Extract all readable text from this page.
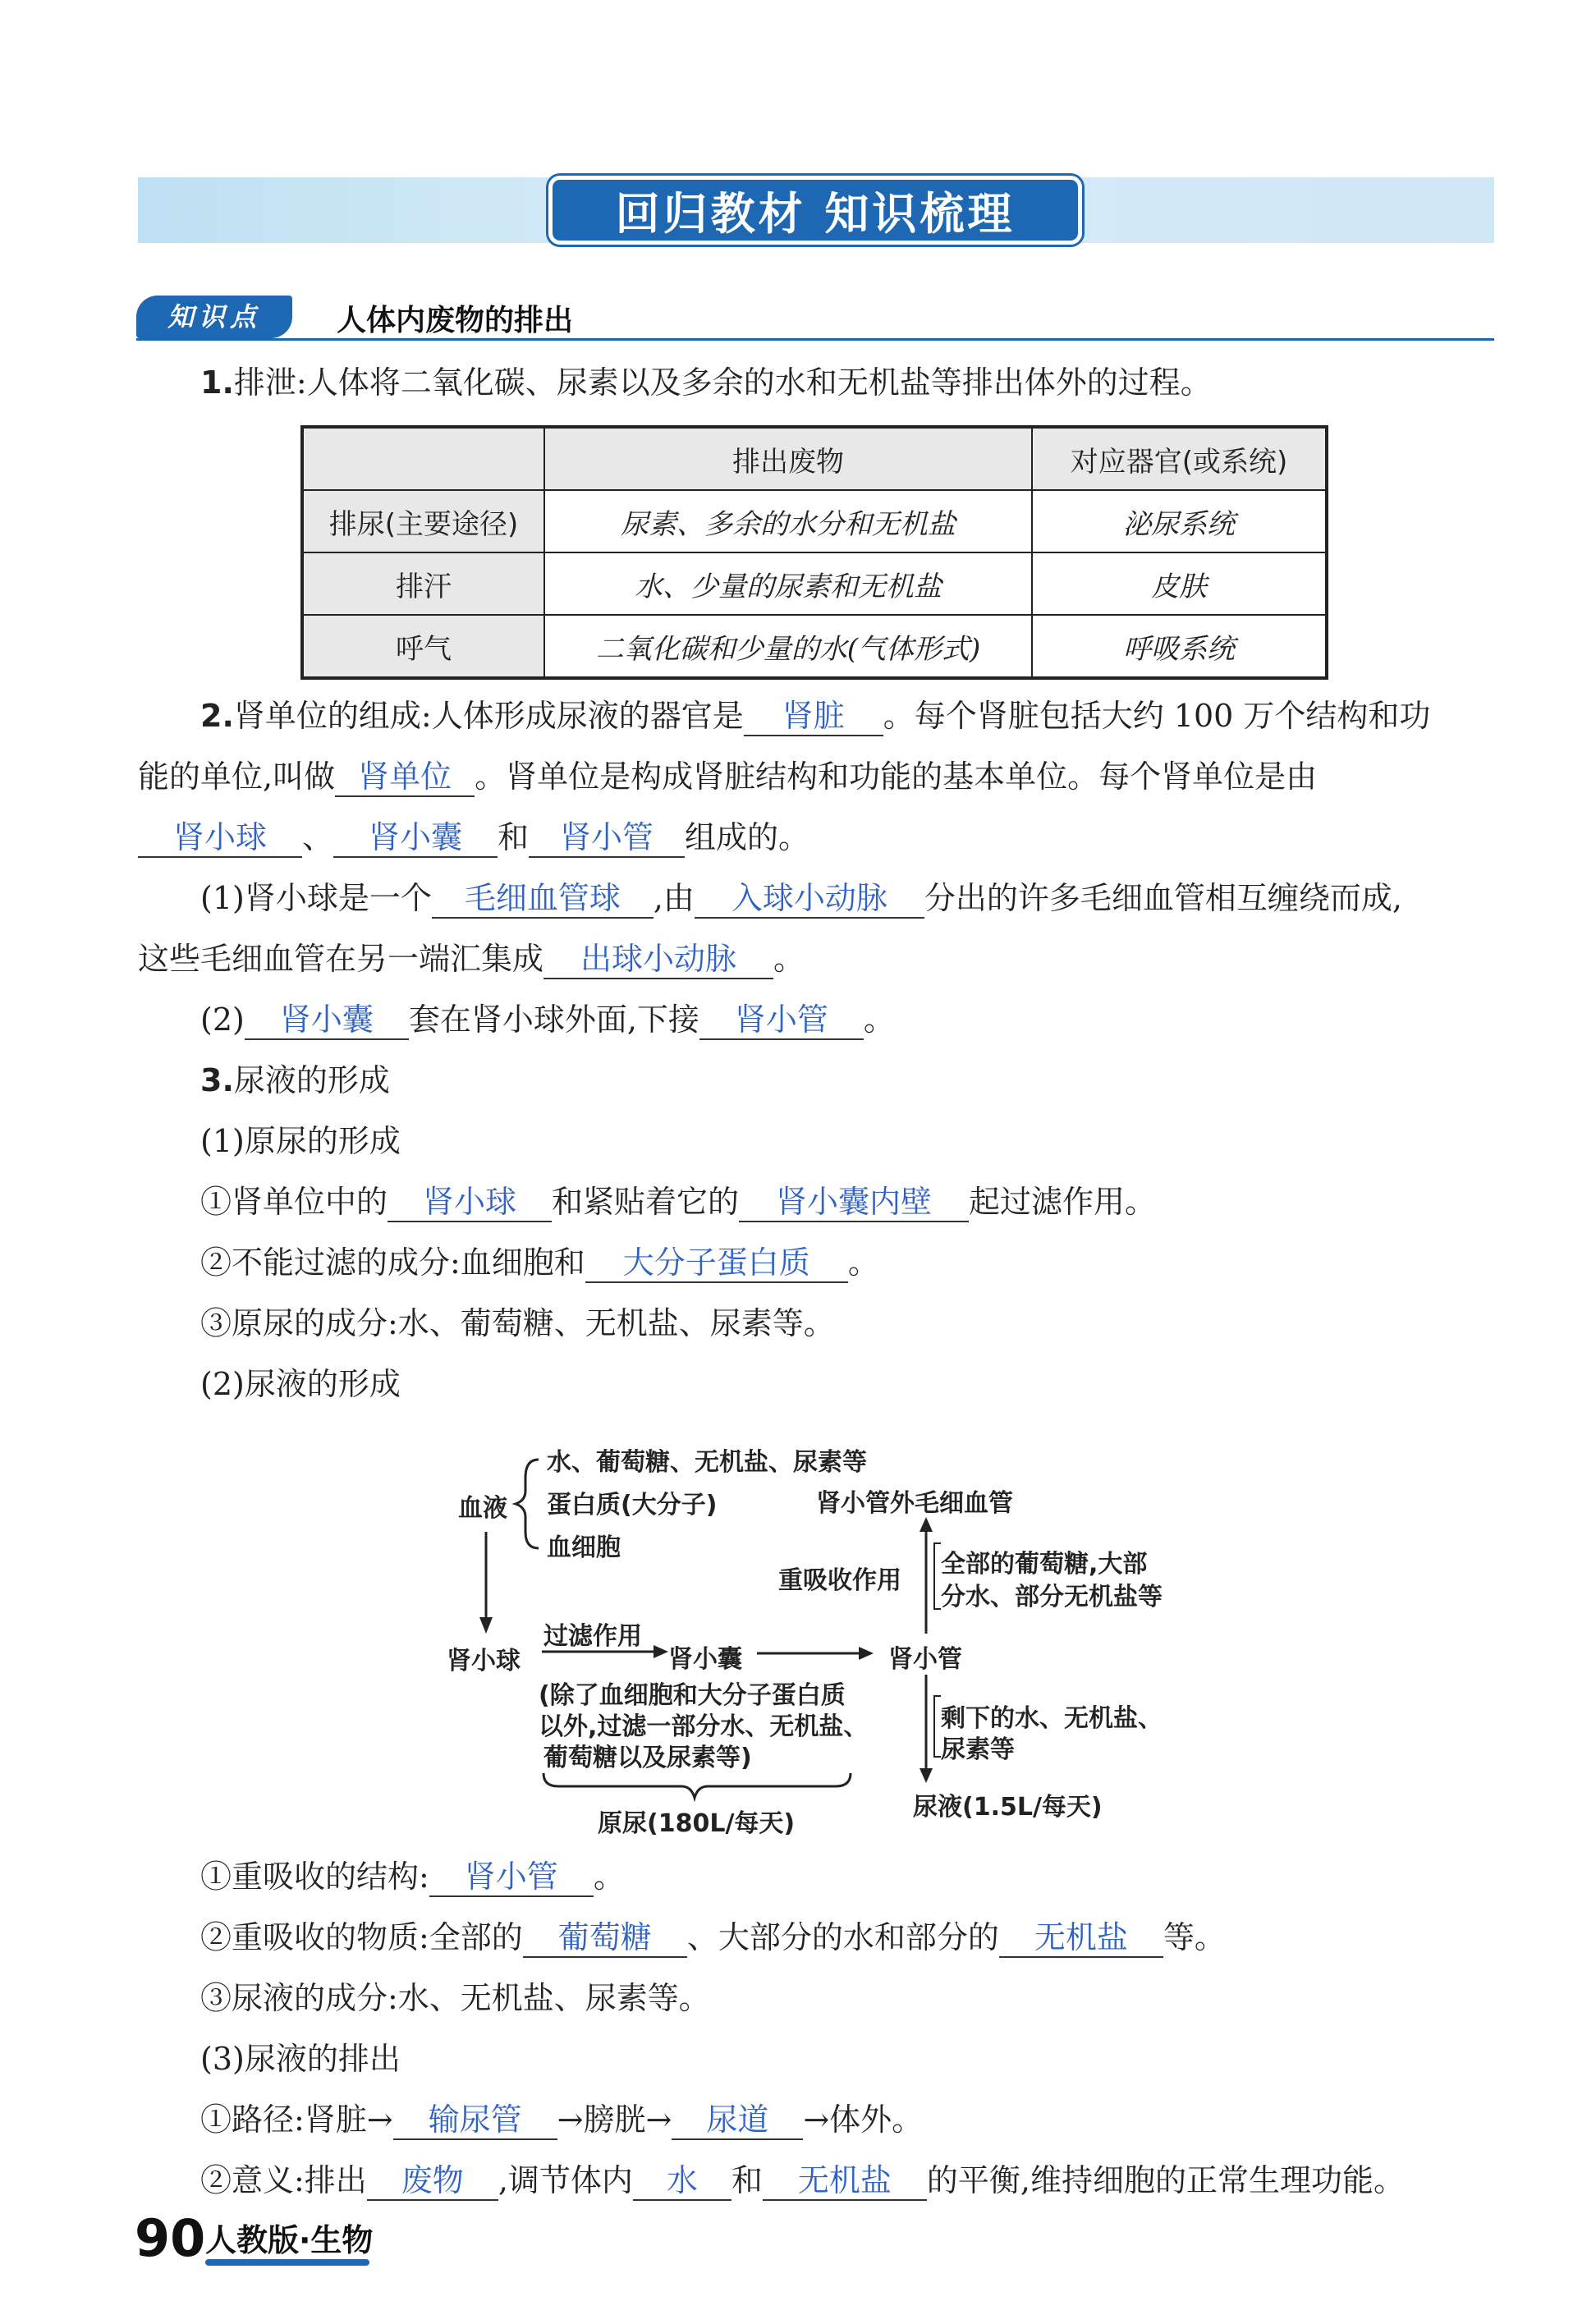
回归教材 知识梳理
知识点	人体内废物的排出
1.排泄:人体将二氧化碳、尿素以及多余的水和无机盐等排出体外的过程。
	排出废物	对应器官(或系统)
排尿(主要途径)	尿素、多余的水分和无机盐	泌尿系统
排汗	水、少量的尿素和无机盐	皮肤
呼气	二氧化碳和少量的水(气体形式)	呼吸系统
2.肾单位的组成:人体形成尿液的器官是 肾脏 。每个肾脏包括大约 100 万个结构和功
能的单位,叫做 肾单位 。肾单位是构成肾脏结构和功能的基本单位。每个肾单位是由
肾小球 、 肾小囊 和 肾小管 组成的。
(1)肾小球是一个 毛细血管球 ,由 入球小动脉 分出的许多毛细血管相互缠绕而成,
这些毛细血管在另一端汇集成 出球小动脉 。
(2) 肾小囊 套在肾小球外面,下接 肾小管 。
3.尿液的形成
(1)原尿的形成
①肾单位中的 肾小球 和紧贴着它的 肾小囊内壁 起过滤作用。
②不能过滤的成分:血细胞和 大分子蛋白质 。
③原尿的成分:水、葡萄糖、无机盐、尿素等。
(2)尿液的形成
血液
水、葡萄糖、无机盐、尿素等
蛋白质(大分子)
血细胞
肾小管外毛细血管
重吸收作用
全部的葡萄糖,大部
分水、部分无机盐等
肾小球
过滤作用
肾小囊	肾小管
(除了血细胞和大分子蛋白质
以外,过滤一部分水、无机盐、
葡萄糖以及尿素等)
原尿(180L/每天)
剩下的水、无机盐、
尿素等
尿液(1.5L/每天)
①重吸收的结构: 肾小管 。
②重吸收的物质:全部的 葡萄糖 、大部分的水和部分的 无机盐 等。
③尿液的成分:水、无机盐、尿素等。
(3)尿液的排出
①路径:肾脏→ 输尿管 →膀胱→ 尿道 →体外。
②意义:排出 废物 ,调节体内 水 和 无机盐 的平衡,维持细胞的正常生理功能。
90 人教版·生物
